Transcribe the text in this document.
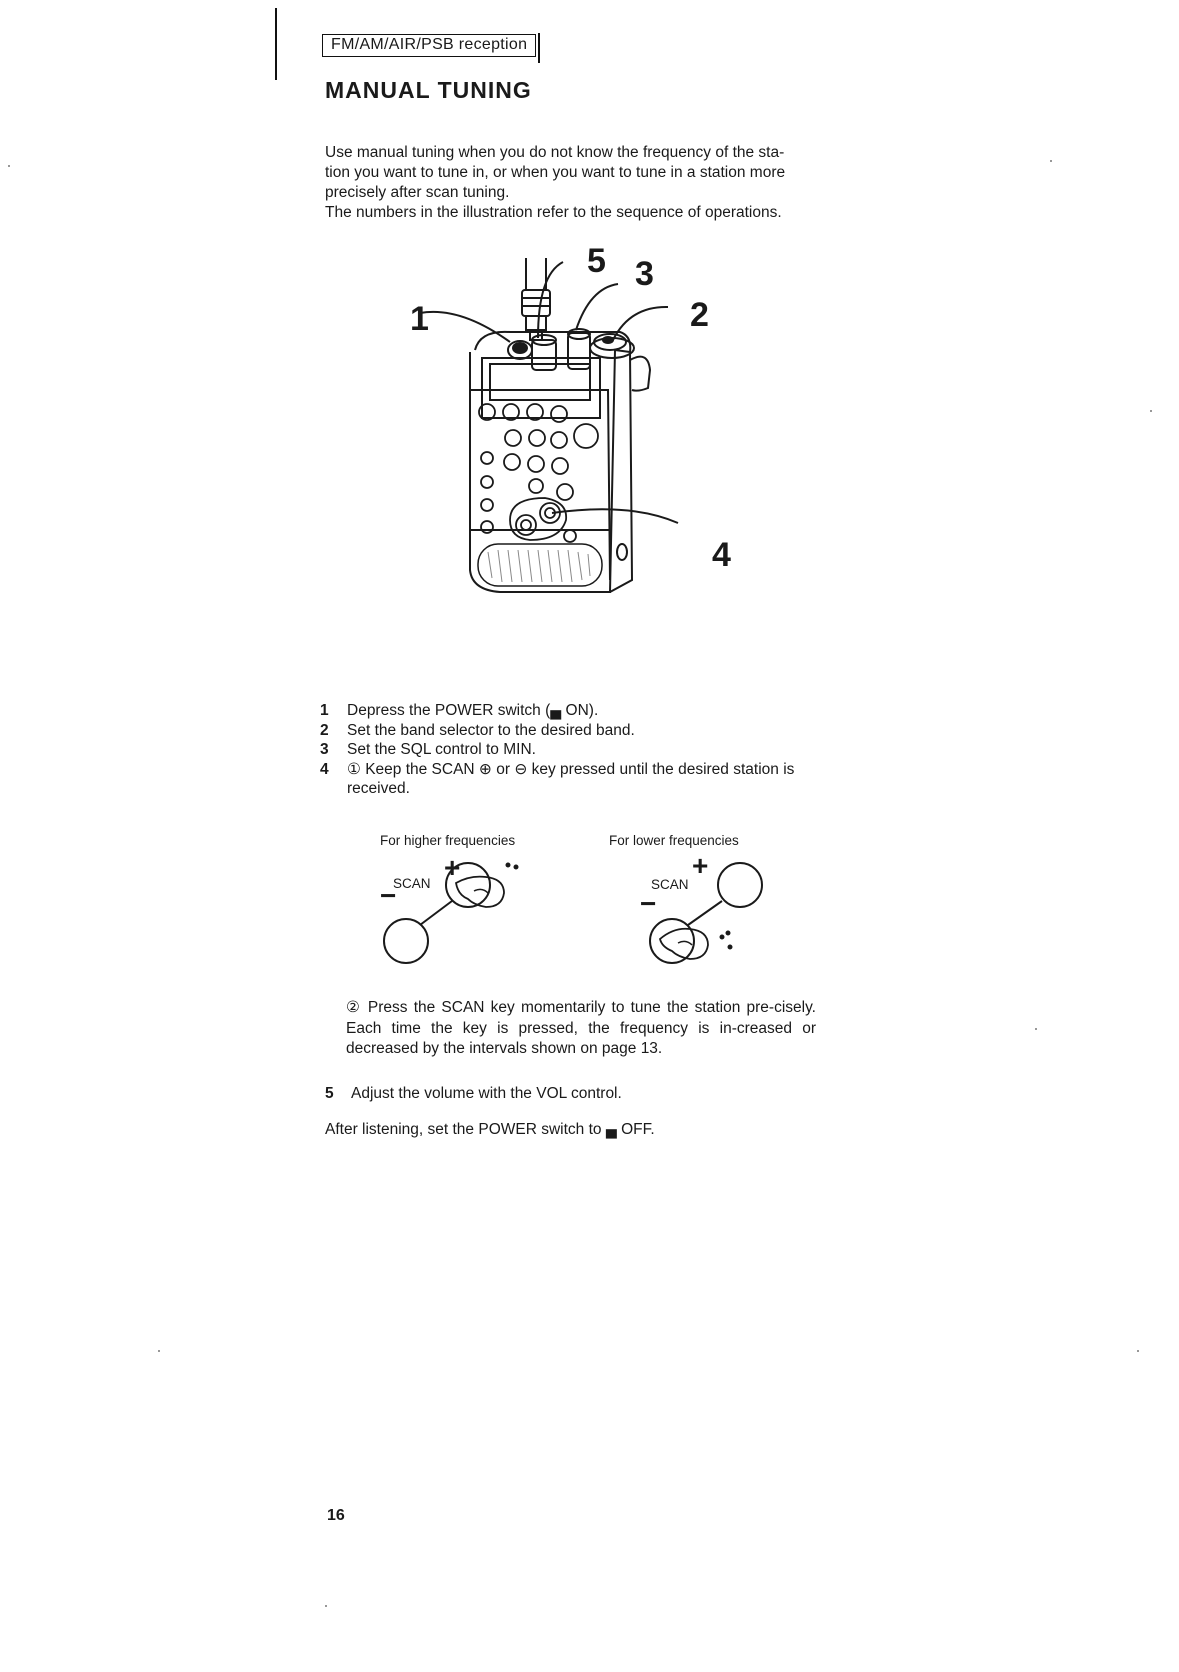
FM/AM/AIR/PSB reception
MANUAL TUNING

Use manual tuning when you do not know the frequency of the sta-

tion you want to tune in, or when you want to tune in a station more

precisely after scan tuning.

The numbers in the illustration refer to the sequence of operations.

1	2
3
4
5
1	Depress the POWER switch (▄ ON).
2	Set the band selector to the desired band.
3	Set the SQL control to MIN.
4	① Keep the SCAN ⊕ or ⊖ key pressed until the desired station is received.
For higher frequencies	For lower frequencies
+
−
SCAN
+
−
SCAN
② Press the SCAN key momentarily to tune the station pre-cisely. Each time the key is pressed, the frequency is in-creased or decreased by the intervals shown on page 13.
5	Adjust the volume with the VOL control.
After listening, set the POWER switch to ▄ OFF.
16
